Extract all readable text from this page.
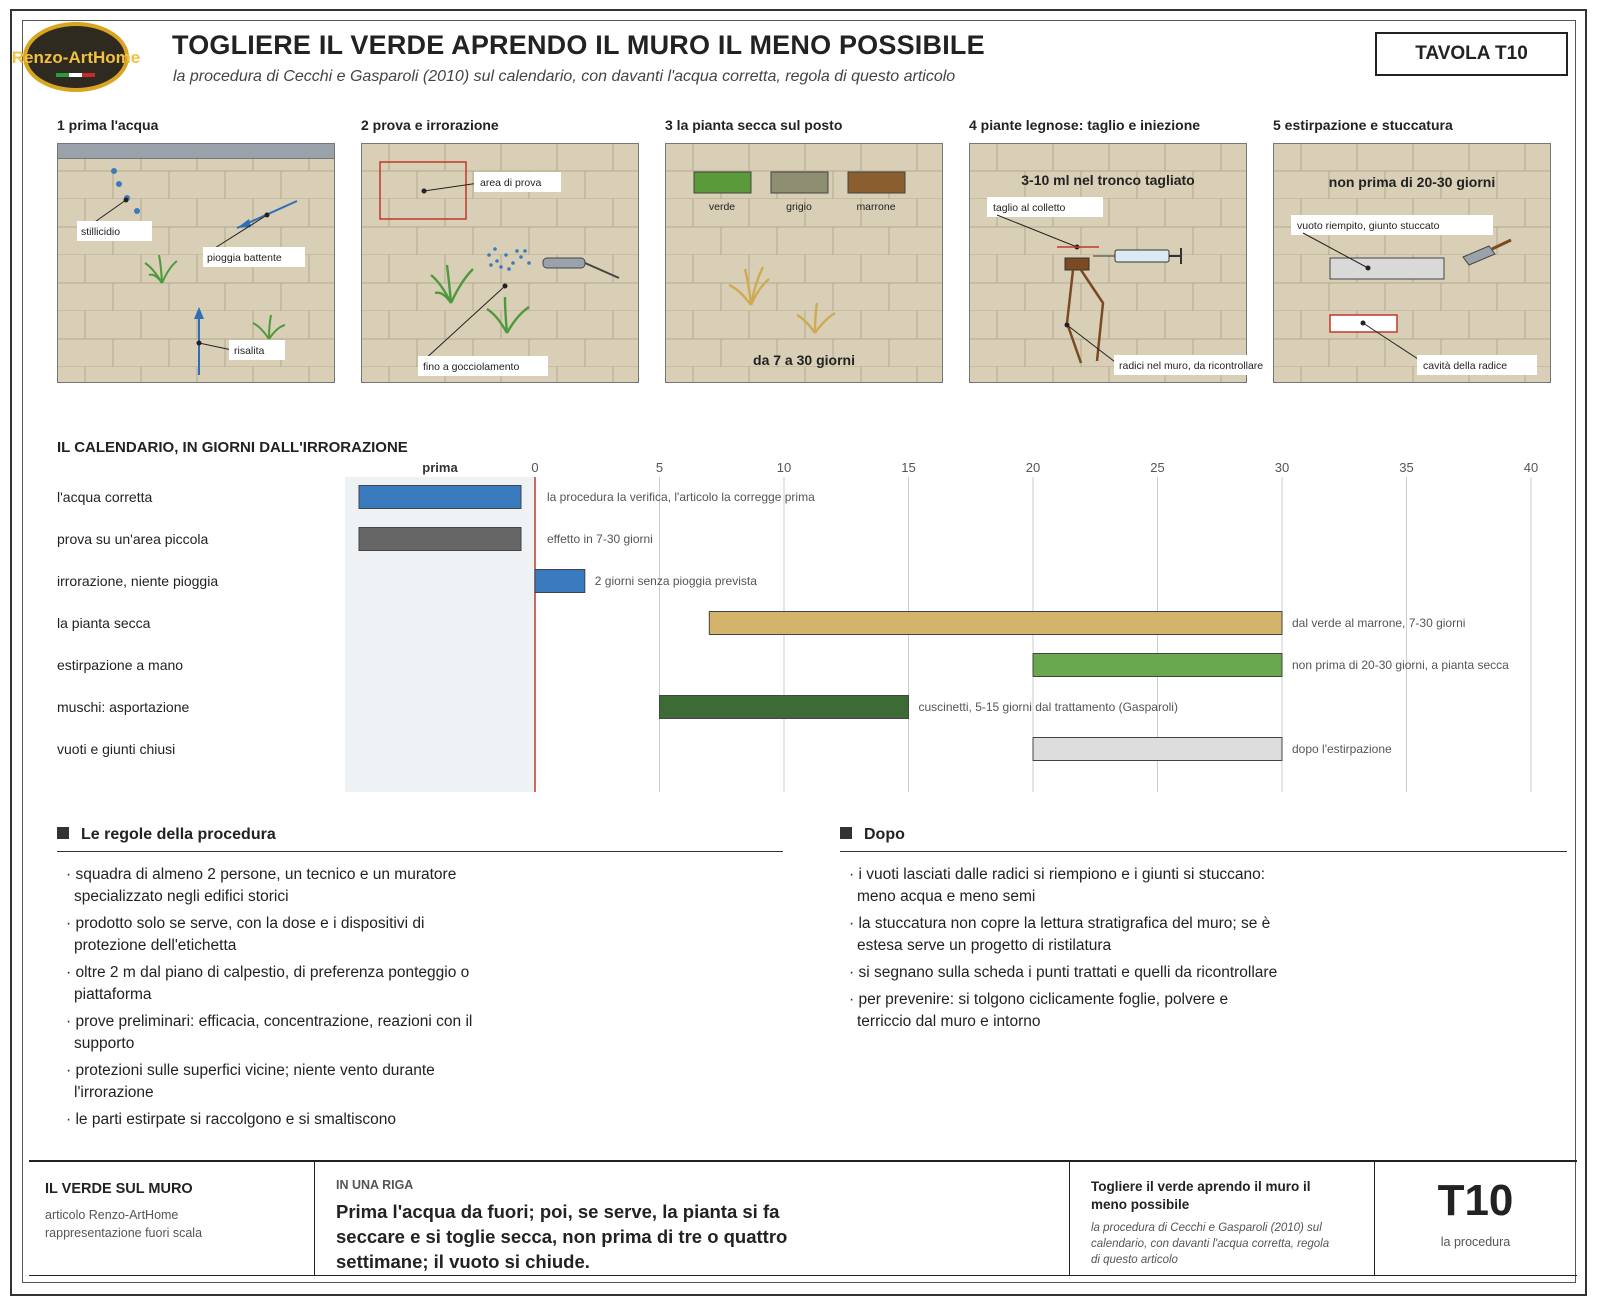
Renzo-ArtHome TOGLIERE IL VERDE APRENDO IL MURO IL MENO POSSIBILE
la procedura di Cecchi e Gasparoli (2010) sul calendario, con davanti l'acqua corretta, regola di questo articolo
TAVOLA T10
1 prima l'acqua	2 prova e irrorazione	3 la pianta secca sul posto	4 piante legnose: taglio e iniezione	5 estirpazione e stuccatura
stillicidio
pioggia battente
risalita
area di prova
fino a gocciolamento
verde	grigio	marrone
da 7 a 30 giorni
3-10 ml nel tronco tagliato
taglio al colletto
radici nel muro, da ricontrollare
non prima di 20-30 giorni
vuoto riempito, giunto stuccato
cavità della radice
IL CALENDARIO, IN GIORNI DALL'IRRORAZIONE
prima	0	5	10	15	20	25	30	35	40
l'acqua corretta	la procedura la verifica, l'articolo la corregge prima
prova su un'area piccola	effetto in 7-30 giorni
irrorazione, niente pioggia	2 giorni senza pioggia prevista
la pianta secca	dal verde al marrone, 7-30 giorni
estirpazione a mano	non prima di 20-30 giorni, a pianta secca
muschi: asportazione	cuscinetti, 5-15 giorni dal trattamento (Gasparoli)
vuoti e giunti chiusi	dopo l'estirpazione
Le regole della procedura
· squadra di almeno 2 persone, un tecnico e un muratore specializzato negli edifici storici
· prodotto solo se serve, con la dose e i dispositivi di protezione dell'etichetta
· oltre 2 m dal piano di calpestio, di preferenza ponteggio o piattaforma
· prove preliminari: efficacia, concentrazione, reazioni con il supporto
· protezioni sulle superfici vicine; niente vento durante l'irrorazione
· le parti estirpate si raccolgono e si smaltiscono
Dopo
· i vuoti lasciati dalle radici si riempiono e i giunti si stuccano: meno acqua e meno semi
· la stuccatura non copre la lettura stratigrafica del muro; se è estesa serve un progetto di ristilatura
· si segnano sulla scheda i punti trattati e quelli da ricontrollare
· per prevenire: si tolgono ciclicamente foglie, polvere e terriccio dal muro e intorno
IL VERDE SUL MURO
articolo Renzo-ArtHome
rappresentazione fuori scala
IN UNA RIGA
Prima l'acqua da fuori; poi, se serve, la pianta si fa seccare e si toglie secca, non prima di tre o quattro settimane; il vuoto si chiude.
Togliere il verde aprendo il muro il meno possibile
la procedura di Cecchi e Gasparoli (2010) sul calendario, con davanti l'acqua corretta, regola di questo articolo
T10
la procedura
